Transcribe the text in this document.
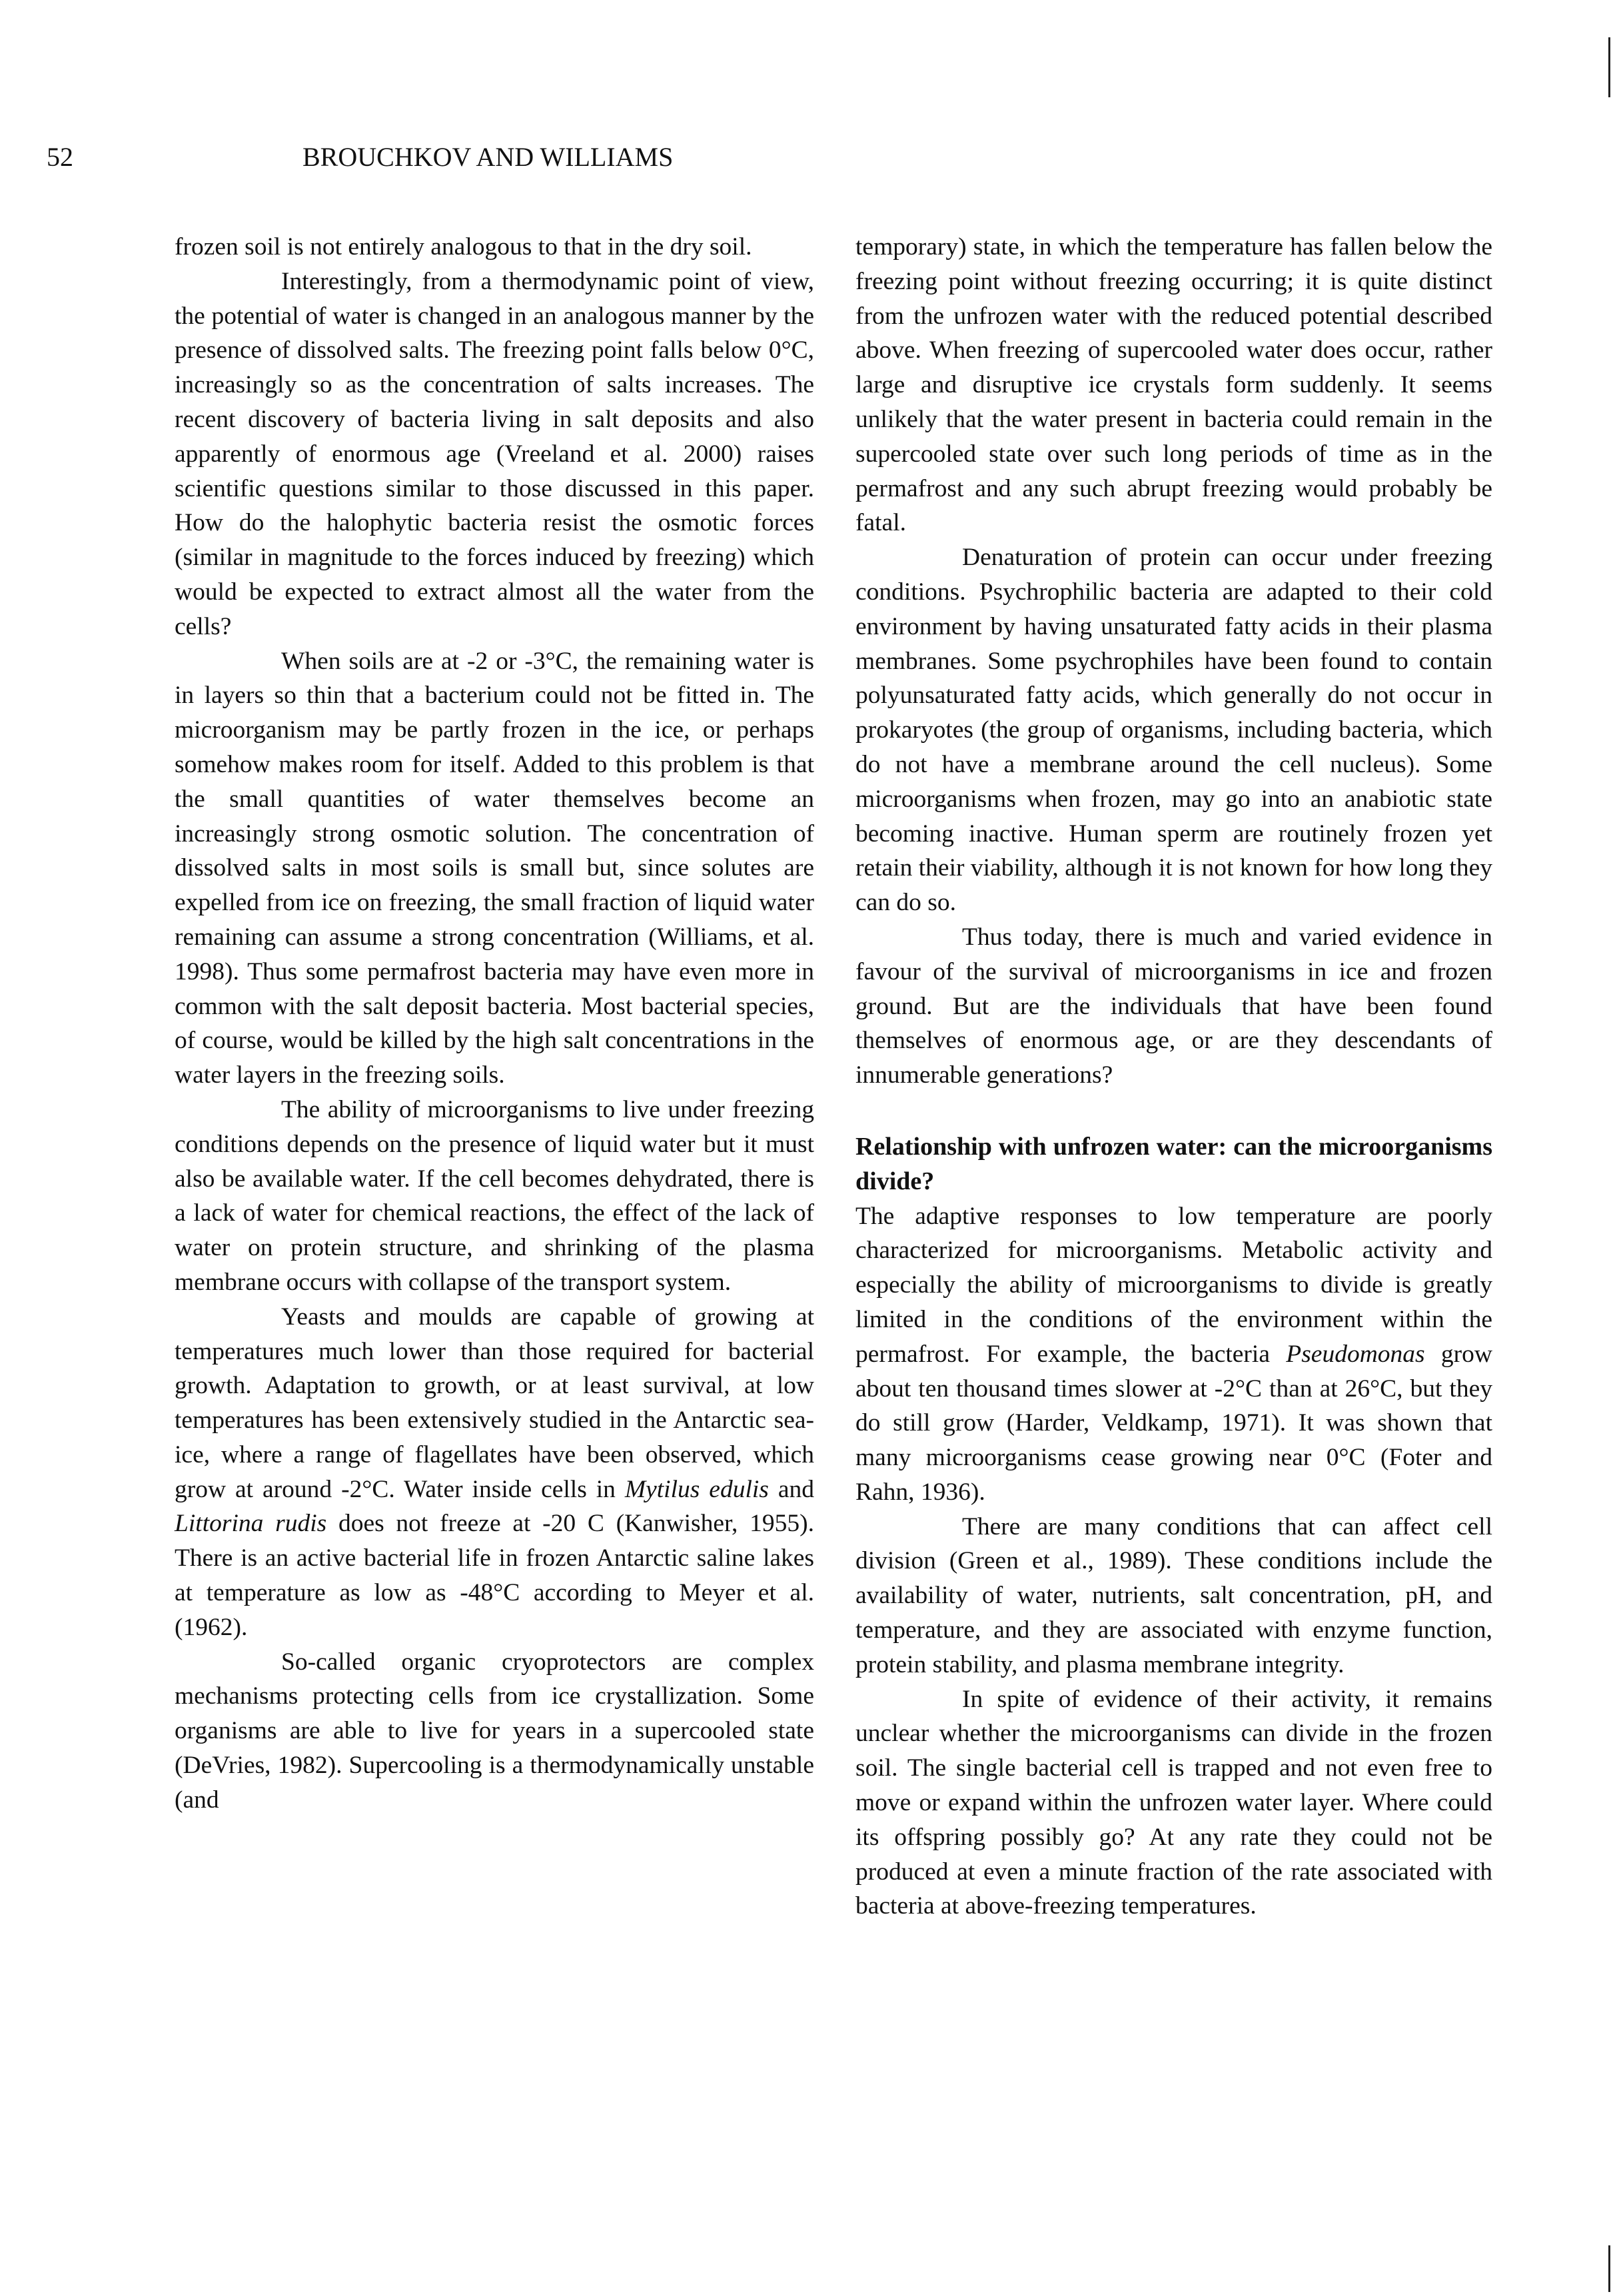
52	BROUCHKOV AND WILLIAMS

frozen soil is not entirely analogous to that in the dry soil.

Interestingly, from a thermodynamic point of view, the potential of water is changed in an analogous manner by the presence of dissolved salts. The freezing point falls below 0°C, increasingly so as the concentration of salts increases. The recent discovery of bacteria living in salt deposits and also apparently of enormous age (Vreeland et al. 2000) raises scientific questions similar to those discussed in this paper. How do the halophytic bacteria resist the osmotic forces (similar in magnitude to the forces induced by freezing) which would be expected to extract almost all the water from the cells?

When soils are at -2 or -3°C, the remaining water is in layers so thin that a bacterium could not be fitted in. The microorganism may be partly frozen in the ice, or perhaps somehow makes room for itself. Added to this problem is that the small quantities of water themselves become an increasingly strong osmotic solution. The concentration of dissolved salts in most soils is small but, since solutes are expelled from ice on freezing, the small fraction of liquid water remaining can assume a strong concentration (Williams, et al. 1998). Thus some permafrost bacteria may have even more in common with the salt deposit bacteria. Most bacterial species, of course, would be killed by the high salt concentrations in the water layers in the freezing soils.

The ability of microorganisms to live under freezing conditions depends on the presence of liquid water but it must also be available water. If the cell becomes dehydrated, there is a lack of water for chemical reactions, the effect of the lack of water on protein structure, and shrinking of the plasma membrane occurs with collapse of the transport system.

Yeasts and moulds are capable of growing at temperatures much lower than those required for bacterial growth. Adaptation to growth, or at least survival, at low temperatures has been extensively studied in the Antarctic sea-ice, where a range of flagellates have been observed, which grow at around -2°C. Water inside cells in Mytilus edulis and Littorina rudis does not freeze at -20 C (Kanwisher, 1955). There is an active bacterial life in frozen Antarctic saline lakes at temperature as low as -48°C according to Meyer et al. (1962).

So-called organic cryoprotectors are complex mechanisms protecting cells from ice crystallization. Some organisms are able to live for years in a supercooled state (DeVries, 1982). Supercooling is a thermodynamically unstable (and

temporary) state, in which the temperature has fallen below the freezing point without freezing occurring; it is quite distinct from the unfrozen water with the reduced potential described above. When freezing of supercooled water does occur, rather large and disruptive ice crystals form suddenly. It seems unlikely that the water present in bacteria could remain in the supercooled state over such long periods of time as in the permafrost and any such abrupt freezing would probably be fatal.

Denaturation of protein can occur under freezing conditions. Psychrophilic bacteria are adapted to their cold environment by having unsaturated fatty acids in their plasma membranes. Some psychrophiles have been found to contain polyunsaturated fatty acids, which generally do not occur in prokaryotes (the group of organisms, including bacteria, which do not have a membrane around the cell nucleus). Some microorganisms when frozen, may go into an anabiotic state becoming inactive. Human sperm are routinely frozen yet retain their viability, although it is not known for how long they can do so.

Thus today, there is much and varied evidence in favour of the survival of microorganisms in ice and frozen ground. But are the individuals that have been found themselves of enormous age, or are they descendants of innumerable generations?

Relationship with unfrozen water: can the microorganisms divide?

The adaptive responses to low temperature are poorly characterized for microorganisms. Metabolic activity and especially the ability of microorganisms to divide is greatly limited in the conditions of the environment within the permafrost. For example, the bacteria Pseudomonas grow about ten thousand times slower at -2°C than at 26°C, but they do still grow (Harder, Veldkamp, 1971). It was shown that many microorganisms cease growing near 0°C (Foter and Rahn, 1936).

There are many conditions that can affect cell division (Green et al., 1989). These conditions include the availability of water, nutrients, salt concentration, pH, and temperature, and they are associated with enzyme function, protein stability, and plasma membrane integrity.

In spite of evidence of their activity, it remains unclear whether the microorganisms can divide in the frozen soil. The single bacterial cell is trapped and not even free to move or expand within the unfrozen water layer. Where could its offspring possibly go? At any rate they could not be produced at even a minute fraction of the rate associated with bacteria at above-freezing temperatures.
